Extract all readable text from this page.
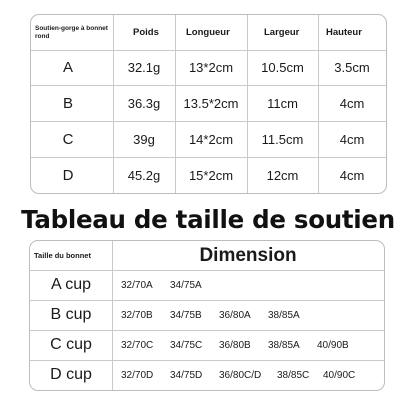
Soutien-gorge à bonnet rond	Poids	Longueur	Largeur	Hauteur
A	32.1g	13*2cm	10.5cm	3.5cm
B	36.3g	13.5*2cm	11cm	4cm
C	39g	14*2cm	11.5cm	4cm
D	45.2g	15*2cm	12cm	4cm
Tableau de taille de soutien
Taille du bonnet	Dimension
A cup	32/70A	34/75A
B cup	32/70B	34/75B	36/80A	38/85A
C cup	32/70C	34/75C	36/80B	38/85A	40/90B
D cup	32/70D	34/75D	36/80C/D	38/85C	40/90C
